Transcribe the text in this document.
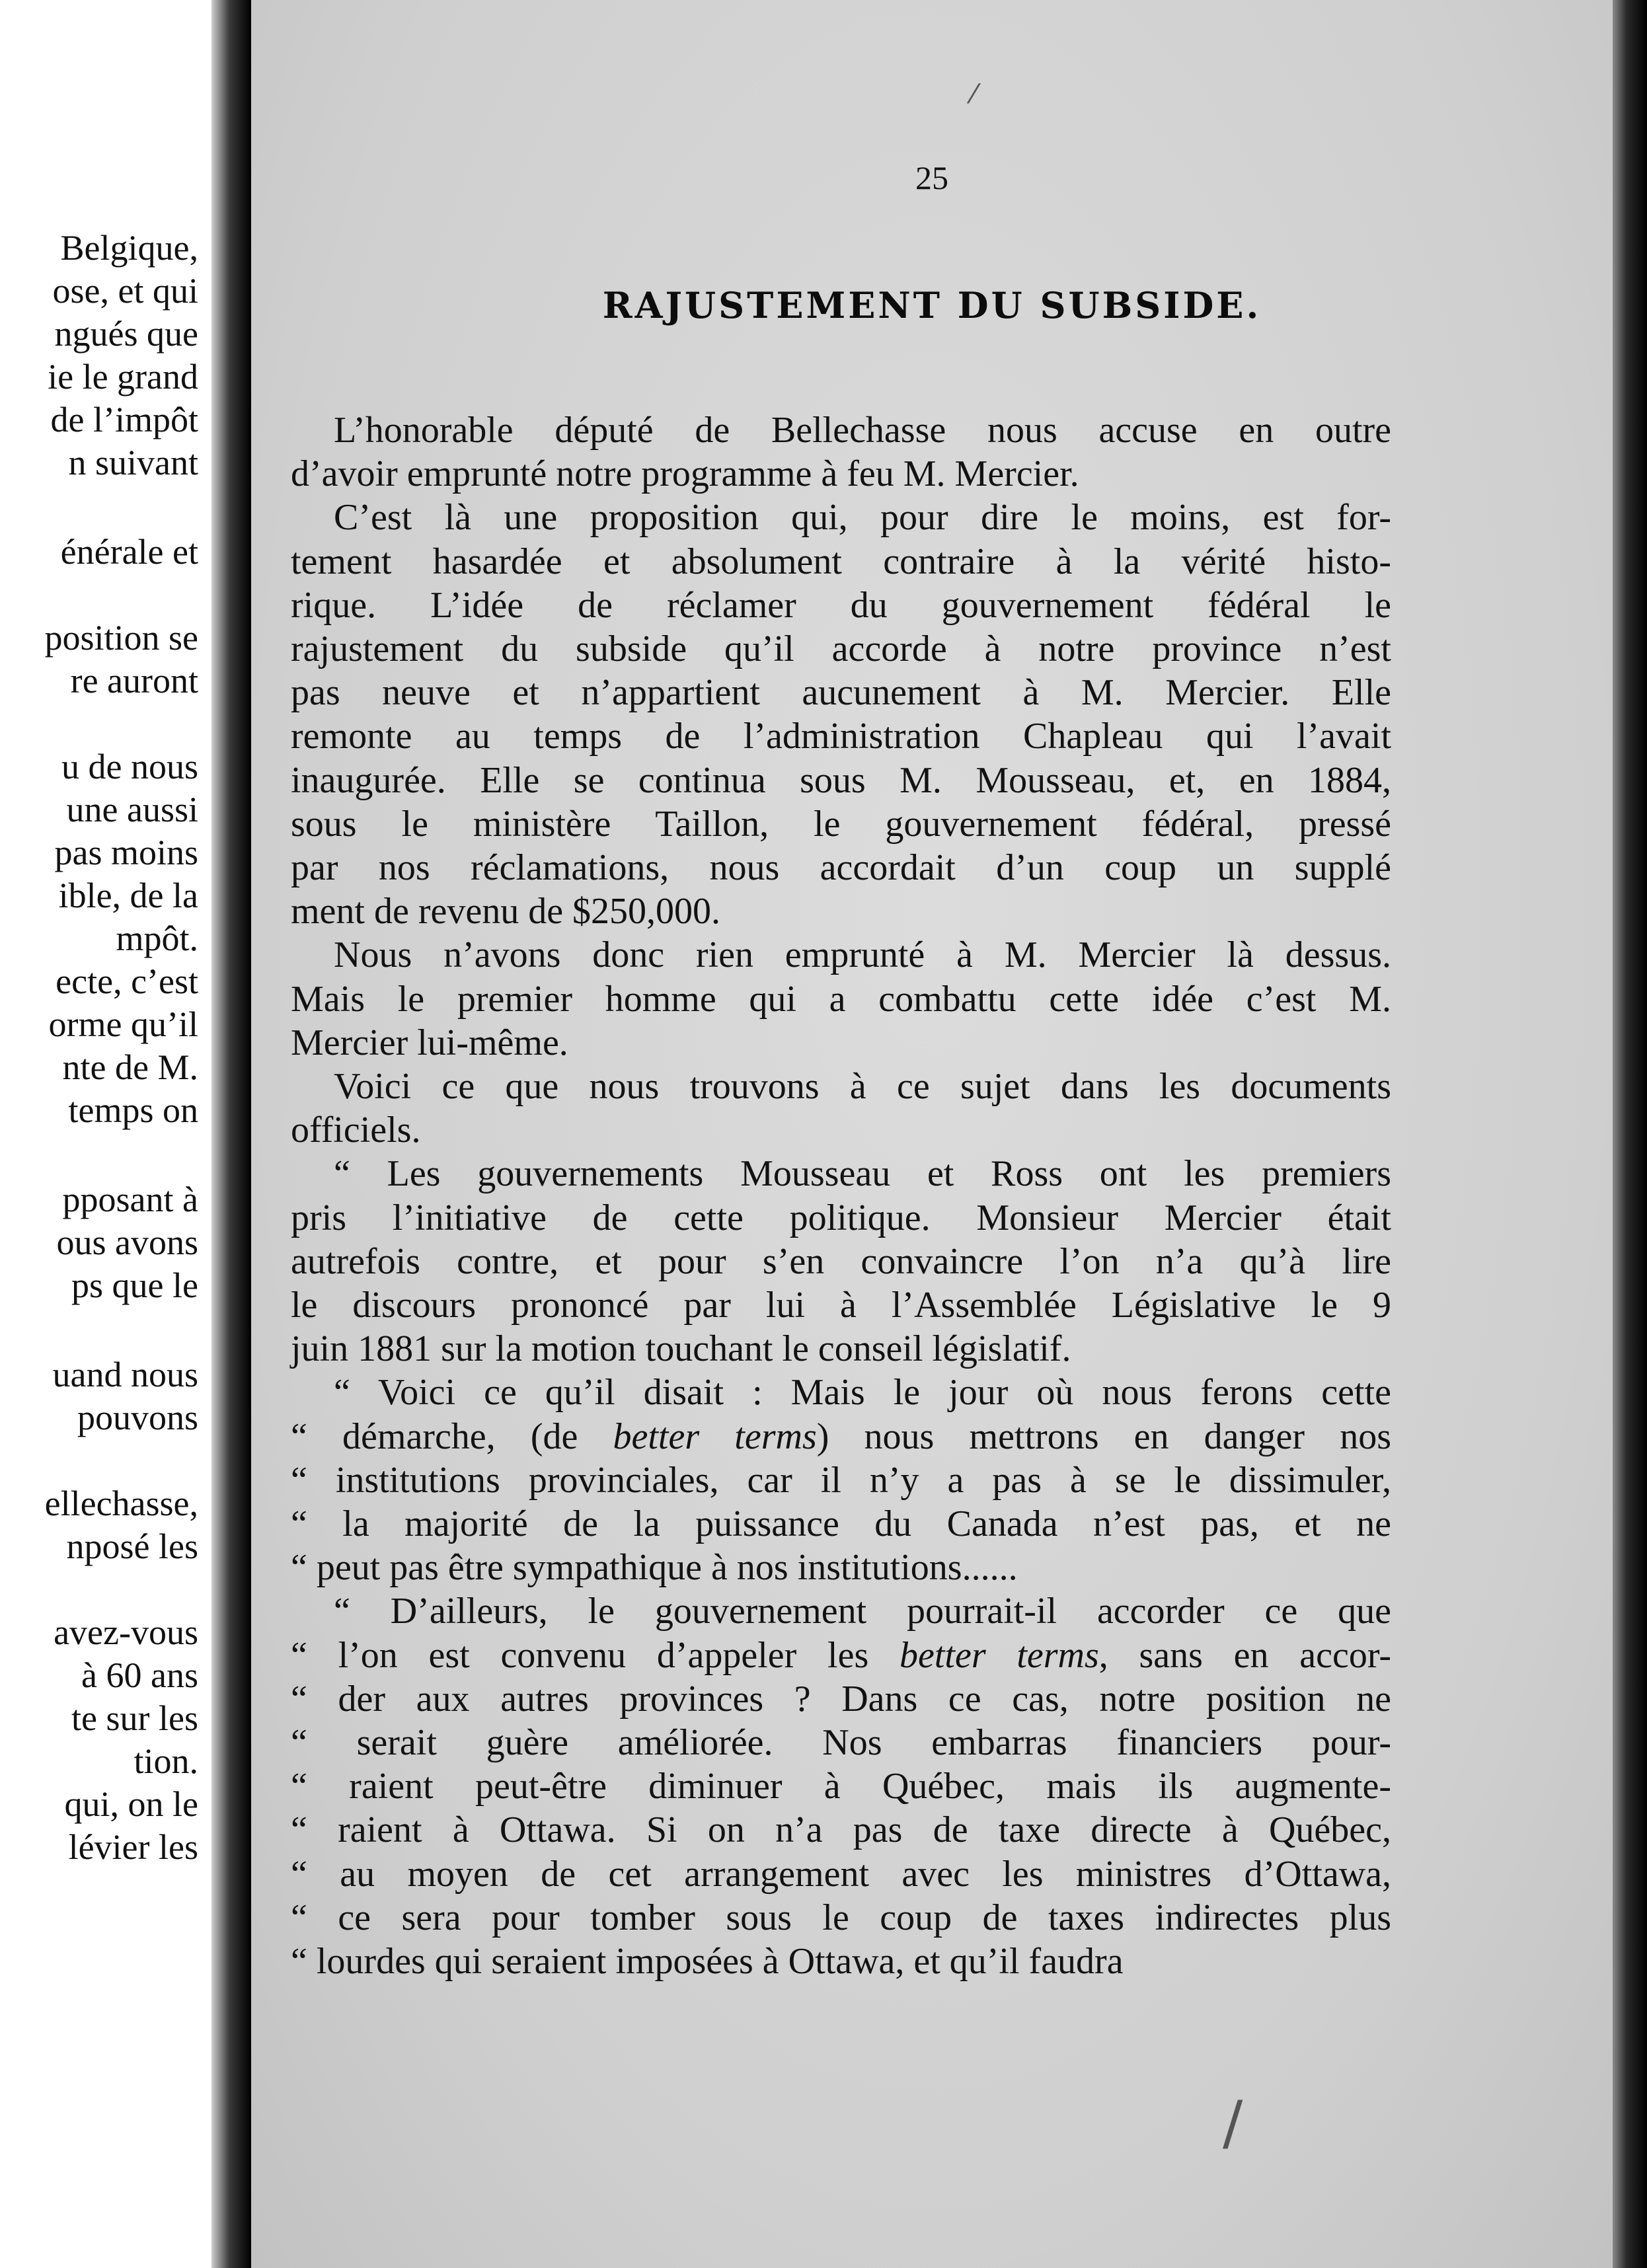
Belgique,
ose, et qui
ngués que
ie le grand
de l’impôt
n suivant
énérale et
position se
re auront
u de nous
une aussi
pas moins
ible, de la
mpôt.
ecte, c’est
orme qu’il
nte de M.
temps on
pposant à
ous avons
ps que le
uand nous
pouvons
ellechasse,
nposé les
avez-vous
à 60 ans
te sur les
tion.
qui, on le
lévier les
25
RAJUSTEMENT DU SUBSIDE.
L’honorable député de Bellechasse nous accuse en outre
d’avoir emprunté notre programme à feu M. Mercier.
C’est là une proposition qui, pour dire le moins, est for-
tement hasardée et absolument contraire à la vérité histo-
rique. L’idée de réclamer du gouvernement fédéral le
rajustement du subside qu’il accorde à notre province n’est
pas neuve et n’appartient aucunement à M. Mercier. Elle
remonte au temps de l’administration Chapleau qui l’avait
inaugurée. Elle se continua sous M. Mousseau, et, en 1884,
sous le ministère Taillon, le gouvernement fédéral, pressé
par nos réclamations, nous accordait d’un coup un supplé
ment de revenu de $250,000.
Nous n’avons donc rien emprunté à M. Mercier là dessus.
Mais le premier homme qui a combattu cette idée c’est M.
Mercier lui-même.
Voici ce que nous trouvons à ce sujet dans les documents
officiels.
“ Les gouvernements Mousseau et Ross ont les premiers
pris l’initiative de cette politique. Monsieur Mercier était
autrefois contre, et pour s’en convaincre l’on n’a qu’à lire
le discours prononcé par lui à l’Assemblée Législative le 9
juin 1881 sur la motion touchant le conseil législatif.
“ Voici ce qu’il disait : Mais le jour où nous ferons cette
“ démarche, (de better terms) nous mettrons en danger nos
“ institutions provinciales, car il n’y a pas à se le dissimuler,
“ la majorité de la puissance du Canada n’est pas, et ne
“ peut pas être sympathique à nos institutions......
“ D’ailleurs, le gouvernement pourrait-il accorder ce que
“ l’on est convenu d’appeler les better terms, sans en accor-
“ der aux autres provinces ? Dans ce cas, notre position ne
“ serait guère améliorée. Nos embarras financiers pour-
“ raient peut-être diminuer à Québec, mais ils augmente-
“ raient à Ottawa. Si on n’a pas de taxe directe à Québec,
“ au moyen de cet arrangement avec les ministres d’Ottawa,
“ ce sera pour tomber sous le coup de taxes indirectes plus
“ lourdes qui seraient imposées à Ottawa, et qu’il faudra
⁄
/
